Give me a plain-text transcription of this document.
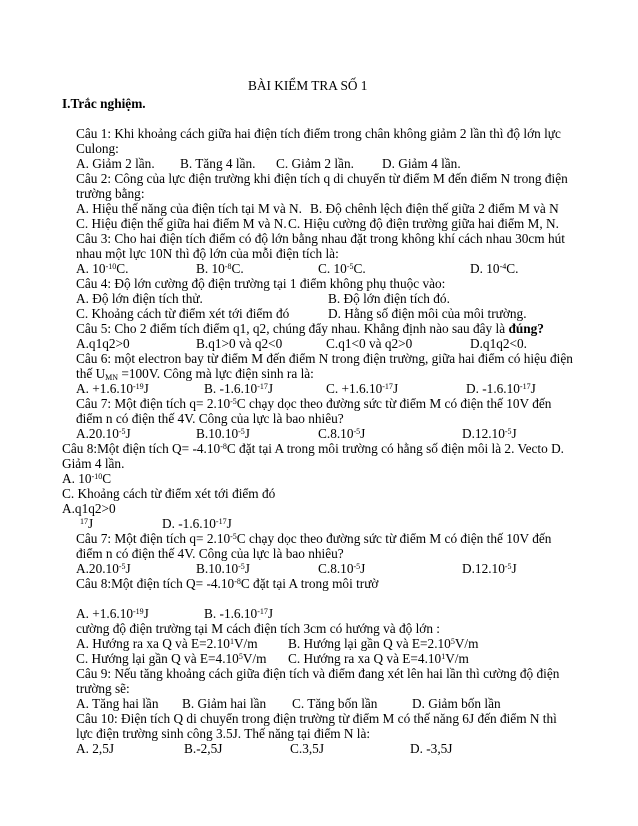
BÀI KIỂM TRA SỐ 1
I.Trắc nghiệm.
Câu 1: Khi khoảng cách giữa hai điện tích điểm trong chân không giảm 2 lần thì độ lớn lực
Culong:
A. Giảm 2 lần. B. Tăng 4 lần. C. Giảm 2 lần. D. Giảm 4 lần.
Câu 2: Công của lực điện trường khi điện tích q di chuyển từ điểm M đến điểm N trong điện
trường bằng:
A. Hiệu thế năng của điện tích tại M và N. B. Độ chênh lệch điện thế giữa 2 điểm M và N
C. Hiệu điện thế giữa hai điểm M và N. C. Hiệu cường độ điện trường giữa hai điểm M, N.
Câu 3: Cho hai điện tích điểm có độ lớn bằng nhau đặt trong không khí cách nhau 30cm hút
nhau một lực 10N thì độ lớn của mỗi điện tích là:
A. $10^{-10}C$.	B. $10^{-8}C$.	C. $10^{-5}C$.	D. $10^{-4}C$.
Câu 4: Độ lớn cường độ điện trường tại 1 điểm không phụ thuộc vào:
A. Độ lớn điện tích thử.	B. Độ lớn điện tích đó.
C. Khoảng cách từ điểm xét tới điểm đó	D. Hằng số điện môi của môi trường.
Câu 5: Cho 2 điểm tích điểm q1, q2, chúng đẩy nhau. Khẳng định nào sau đây là đúng?
A.q1q2>0	B.q1>0 và q2<0	C.q1<0 và q2>0	D.q1q2<0.
Câu 6: một electron bay từ điểm M đến điểm N trong điện trường, giữa hai điểm có hiệu điện
thế $U_{MN} =100V$. Công mà lực điện sinh ra là:
A. $+1.6.10^{-19}J$	B. $-1.6.10^{-17}J$	C. $+1.6.10^{-17}J$	D. $-1.6.10^{-17}J$
Câu 7: Một điện tích $q= 2.10^{-5}C$ chạy dọc theo đường sức từ điểm M có điện thế 10V đến
điểm n có điện thế 4V. Công của lực là bao nhiêu?
$A.20.10^{-5}J$	$B.10.10^{-5}J$	$C.8.10^{-5}J$	$D.12.10^{-5}J$
Câu 8:Một điện tích $Q= -4.10^{-8}C$ đặt tại A trong môi trường có hằng số điện môi là 2. Vecto D.
Giảm 4 lần.
A. $10^{-10}C$
C. Khoảng cách từ điểm xét tới điểm đó
A.q1q2>0
$^{17}$J	D. $-1.6.10^{-17}J$
Câu 7: Một điện tích $q= 2.10^{-5}C$ chạy dọc theo đường sức từ điểm M có điện thế 10V đến
điểm n có điện thế 4V. Công của lực là bao nhiêu?
$A.20.10^{-5}J$	$B.10.10^{-5}J$	$C.8.10^{-5}J$	$D.12.10^{-5}J$
Câu 8:Một điện tích $Q= -4.10^{-8}C$ đặt tại A trong môi trườ
A. $+1.6.10^{-19}J$	B. $-1.6.10^{-17}J$
cường độ điện trường tại M cách điện tích 3cm có hướng và độ lớn :
A. Hướng ra xa Q và $E=2.10^1V/m$ B. Hướng lại gần Q và $E=2.10^5V/m$
C. Hướng lại gần Q và $E=4.10^5V/m$ C. Hướng ra xa Q và $E=4.10^1V/m$
Câu 9: Nếu tăng khoảng cách giữa điện tích và điểm đang xét lên hai lần thì cường độ điện
trường sẽ:
A. Tăng hai lần B. Giảm hai lần C. Tăng bốn lần	D. Giảm bốn lần
Câu 10: Điện tích Q di chuyển trong điện trường từ điểm M có thế năng 6J đến điểm N thì
lực điện trường sinh công 3.5J. Thế năng tại điểm N là:
A. 2,5J	B.-2,5J	C.3,5J	D. -3,5J
